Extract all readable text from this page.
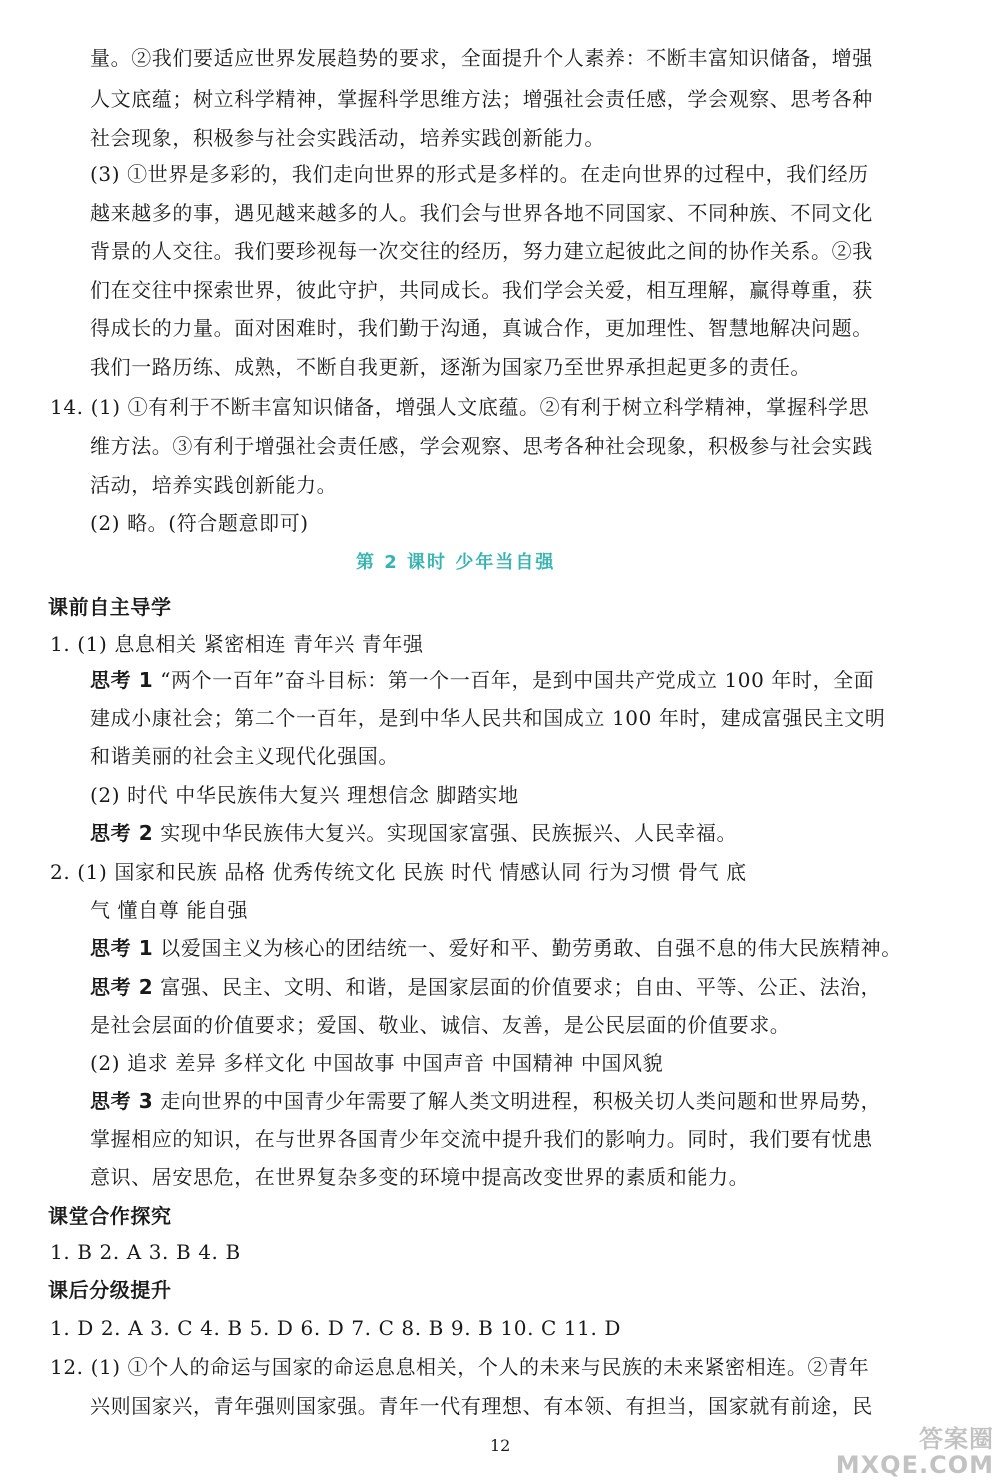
量。②我们要适应世界发展趋势的要求，全面提升个人素养：不断丰富知识储备，增强
人文底蕴；树立科学精神，掌握科学思维方法；增强社会责任感，学会观察、思考各种
社会现象，积极参与社会实践活动，培养实践创新能力。
(3) ①世界是多彩的，我们走向世界的形式是多样的。在走向世界的过程中，我们经历
越来越多的事，遇见越来越多的人。我们会与世界各地不同国家、不同种族、不同文化
背景的人交往。我们要珍视每一次交往的经历，努力建立起彼此之间的协作关系。②我
们在交往中探索世界，彼此守护，共同成长。我们学会关爱，相互理解，赢得尊重，获
得成长的力量。面对困难时，我们勤于沟通，真诚合作，更加理性、智慧地解决问题。
我们一路历练、成熟，不断自我更新，逐渐为国家乃至世界承担起更多的责任。
14. (1) ①有利于不断丰富知识储备，增强人文底蕴。②有利于树立科学精神，掌握科学思
维方法。③有利于增强社会责任感，学会观察、思考各种社会现象，积极参与社会实践
活动，培养实践创新能力。
(2) 略。(符合题意即可)
第 2 课时 少年当自强
课前自主导学
1. (1) 息息相关 紧密相连 青年兴 青年强
思考 1 “两个一百年”奋斗目标：第一个一百年，是到中国共产党成立 100 年时，全面
建成小康社会；第二个一百年，是到中华人民共和国成立 100 年时，建成富强民主文明
和谐美丽的社会主义现代化强国。
(2) 时代 中华民族伟大复兴 理想信念 脚踏实地
思考 2 实现中华民族伟大复兴。实现国家富强、民族振兴、人民幸福。
2. (1) 国家和民族 品格 优秀传统文化 民族 时代 情感认同 行为习惯 骨气 底
气 懂自尊 能自强
思考 1 以爱国主义为核心的团结统一、爱好和平、勤劳勇敢、自强不息的伟大民族精神。
思考 2 富强、民主、文明、和谐，是国家层面的价值要求；自由、平等、公正、法治，
是社会层面的价值要求；爱国、敬业、诚信、友善，是公民层面的价值要求。
(2) 追求 差异 多样文化 中国故事 中国声音 中国精神 中国风貌
思考 3 走向世界的中国青少年需要了解人类文明进程，积极关切人类问题和世界局势，
掌握相应的知识，在与世界各国青少年交流中提升我们的影响力。同时，我们要有忧患
意识、居安思危，在世界复杂多变的环境中提高改变世界的素质和能力。
课堂合作探究
1. B 2. A 3. B 4. B
课后分级提升
1. D 2. A 3. C 4. B 5. D 6. D 7. C 8. B 9. B 10. C 11. D
12. (1) ①个人的命运与国家的命运息息相关，个人的未来与民族的未来紧密相连。②青年
兴则国家兴，青年强则国家强。青年一代有理想、有本领、有担当，国家就有前途，民
12	答案圈
MXQE.COM
